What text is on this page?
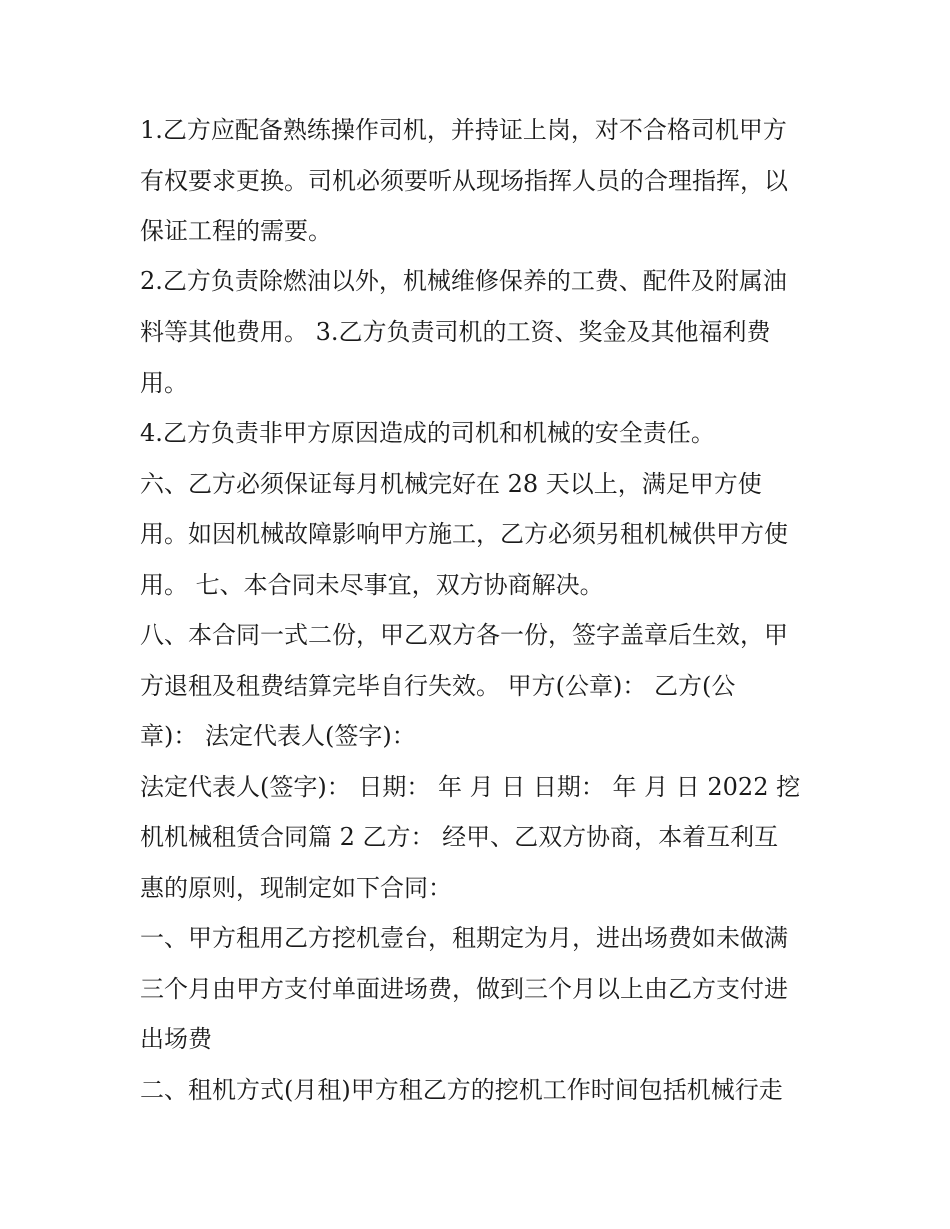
1.乙方应配备熟练操作司机，并持证上岗，对不合格司机甲方
有权要求更换。司机必须要听从现场指挥人员的合理指挥，以
保证工程的需要。
2.乙方负责除燃油以外，机械维修保养的工费、配件及附属油
料等其他费用。 3.乙方负责司机的工资、奖金及其他福利费
用。
4.乙方负责非甲方原因造成的司机和机械的安全责任。
六、乙方必须保证每月机械完好在 28 天以上，满足甲方使
用。如因机械故障影响甲方施工，乙方必须另租机械供甲方使
用。 七、本合同未尽事宜，双方协商解决。
八、本合同一式二份，甲乙双方各一份，签字盖章后生效，甲
方退租及租费结算完毕自行失效。 甲方(公章)： 乙方(公
章)： 法定代表人(签字)：
法定代表人(签字)： 日期： 年 月 日 日期： 年 月 日 2022 挖
机机械租赁合同篇 2 乙方： 经甲、乙双方协商，本着互利互
惠的原则，现制定如下合同：
一、甲方租用乙方挖机壹台，租期定为月，进出场费如未做满
三个月由甲方支付单面进场费，做到三个月以上由乙方支付进
出场费
二、租机方式(月租)甲方租乙方的挖机工作时间包括机械行走
